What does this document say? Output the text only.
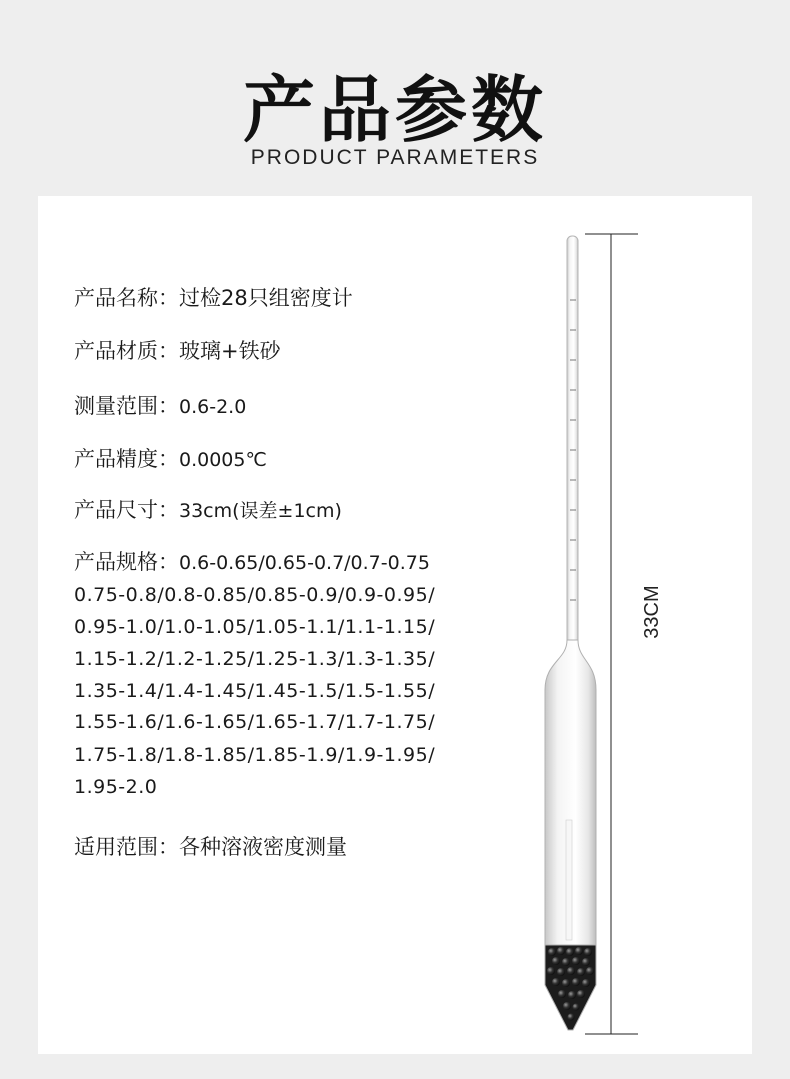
产品参数
PRODUCT PARAMETERS
产品名称：过检28只组密度计
产品材质：玻璃+铁砂
测量范围：0.6-2.0
产品精度：0.0005℃
产品尺寸：33cm(误差±1cm)
产品规格：0.6-0.65/0.65-0.7/0.7-0.75
0.75-0.8/0.8-0.85/0.85-0.9/0.9-0.95/
0.95-1.0/1.0-1.05/1.05-1.1/1.1-1.15/
1.15-1.2/1.2-1.25/1.25-1.3/1.3-1.35/
1.35-1.4/1.4-1.45/1.45-1.5/1.5-1.55/
1.55-1.6/1.6-1.65/1.65-1.7/1.7-1.75/
1.75-1.8/1.8-1.85/1.85-1.9/1.9-1.95/
1.95-2.0
适用范围：各种溶液密度测量
33CM
